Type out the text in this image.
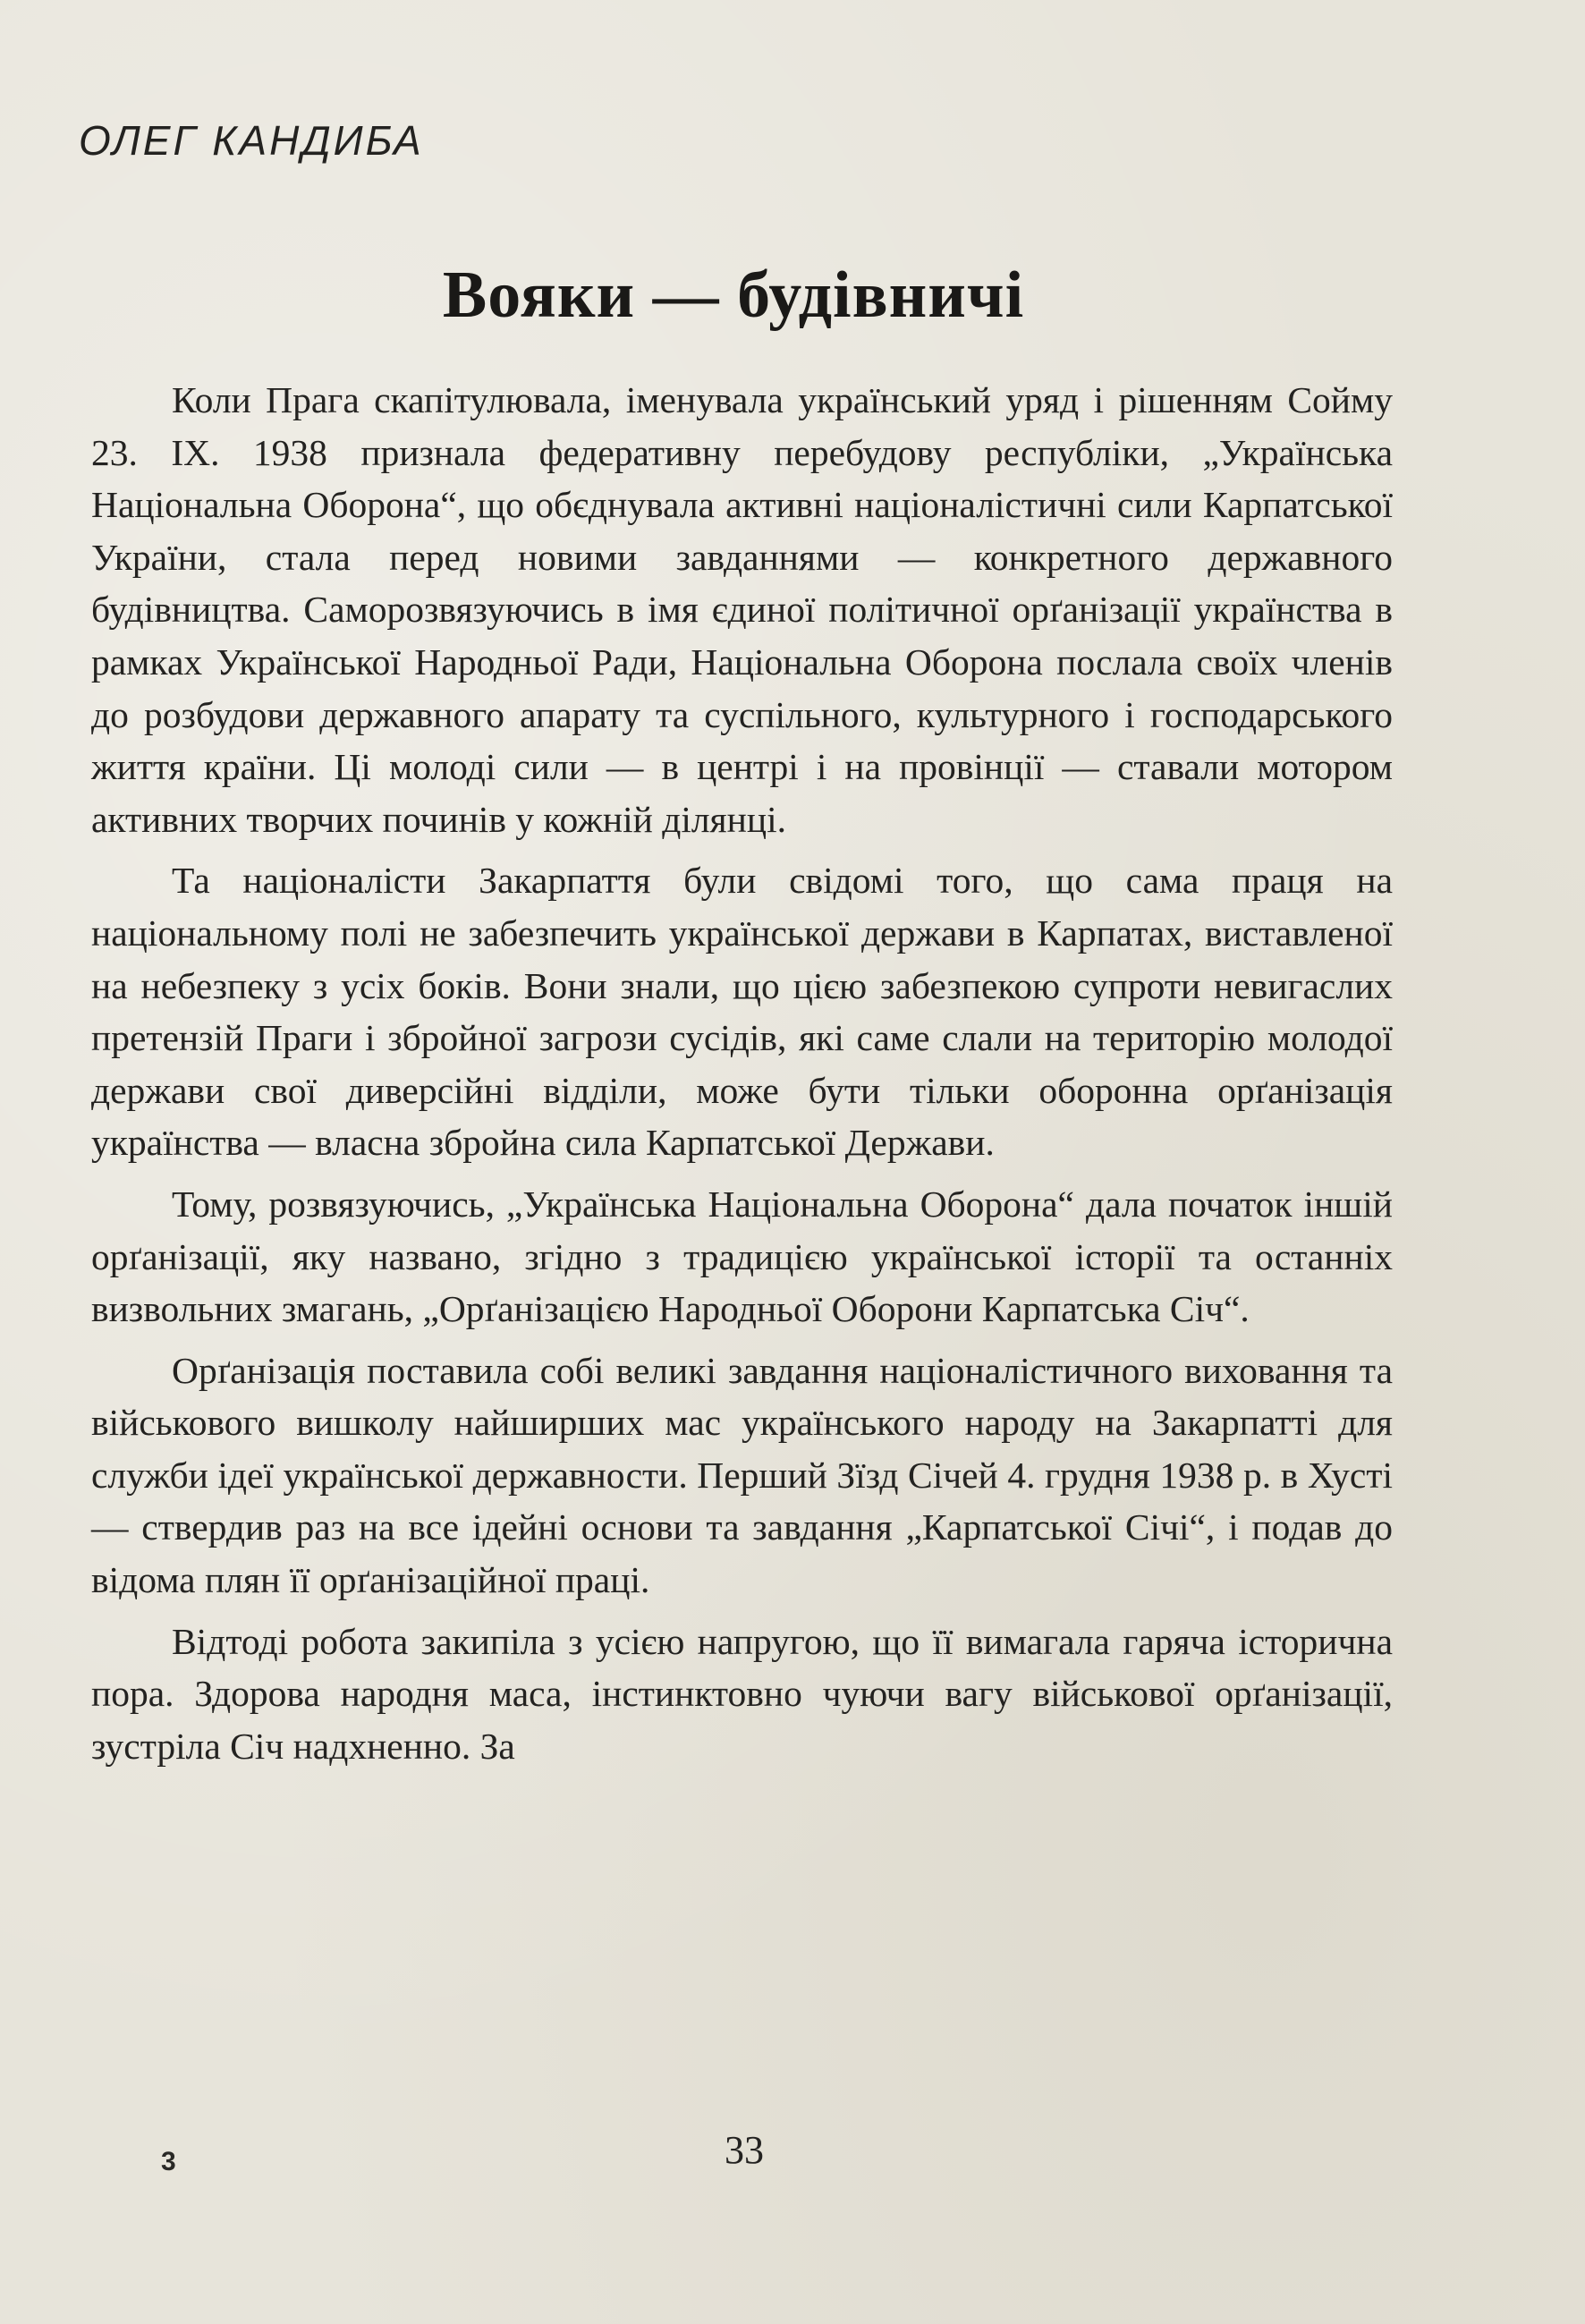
ОЛЕГ КАНДИБА
Вояки — будівничі

Коли Прага скапітулювала, іменувала український уряд і рішенням Сойму 23. IX. 1938 признала федеративну перебудову республіки, „Українська Національна Оборона“, що обєднувала активні націоналістичні сили Карпатської України, стала перед новими завданнями — конкретного державного будівництва. Саморозвязуючись в імя єдиної політичної орґанізації українства в рамках Української Народньої Ради, Національна Оборона послала своїх членів до розбудови державного апарату та суспільного, культурного і господарського життя країни. Ці молоді сили — в центрі і на провінції — ставали мотором активних творчих починів у кожній ділянці.

Та націоналісти Закарпаття були свідомі того, що сама праця на національному полі не забезпечить української держави в Карпатах, виставленої на небезпеку з усіх боків. Вони знали, що цією забезпекою супроти невигаслих претензій Праги і збройної загрози сусідів, які саме слали на територію молодої держави свої диверсійні відділи, може бути тільки оборонна орґанізація українства — власна збройна сила Карпатської Держави.

Тому, розвязуючись, „Українська Національна Оборона“ дала початок іншій орґанізації, яку названо, згідно з традицією української історії та останніх визвольних змагань, „Орґанізацією Народньої Оборони Карпатська Січ“.

Орґанізація поставила собі великі завдання націоналістичного виховання та військового вишколу найширших мас українського народу на Закарпатті для служби ідеї української державности. Перший Зїзд Січей 4. грудня 1938 р. в Хусті — ствердив раз на все ідейні основи та завдання „Карпатської Січі“, і подав до відома плян її орґанізаційної праці.

Відтоді робота закипіла з усією напругою, що її вимагала гаряча історична пора. Здорова народня маса, інстинктовно чуючи вагу військової орґанізації, зустріла Січ надхненно. За

3	33
